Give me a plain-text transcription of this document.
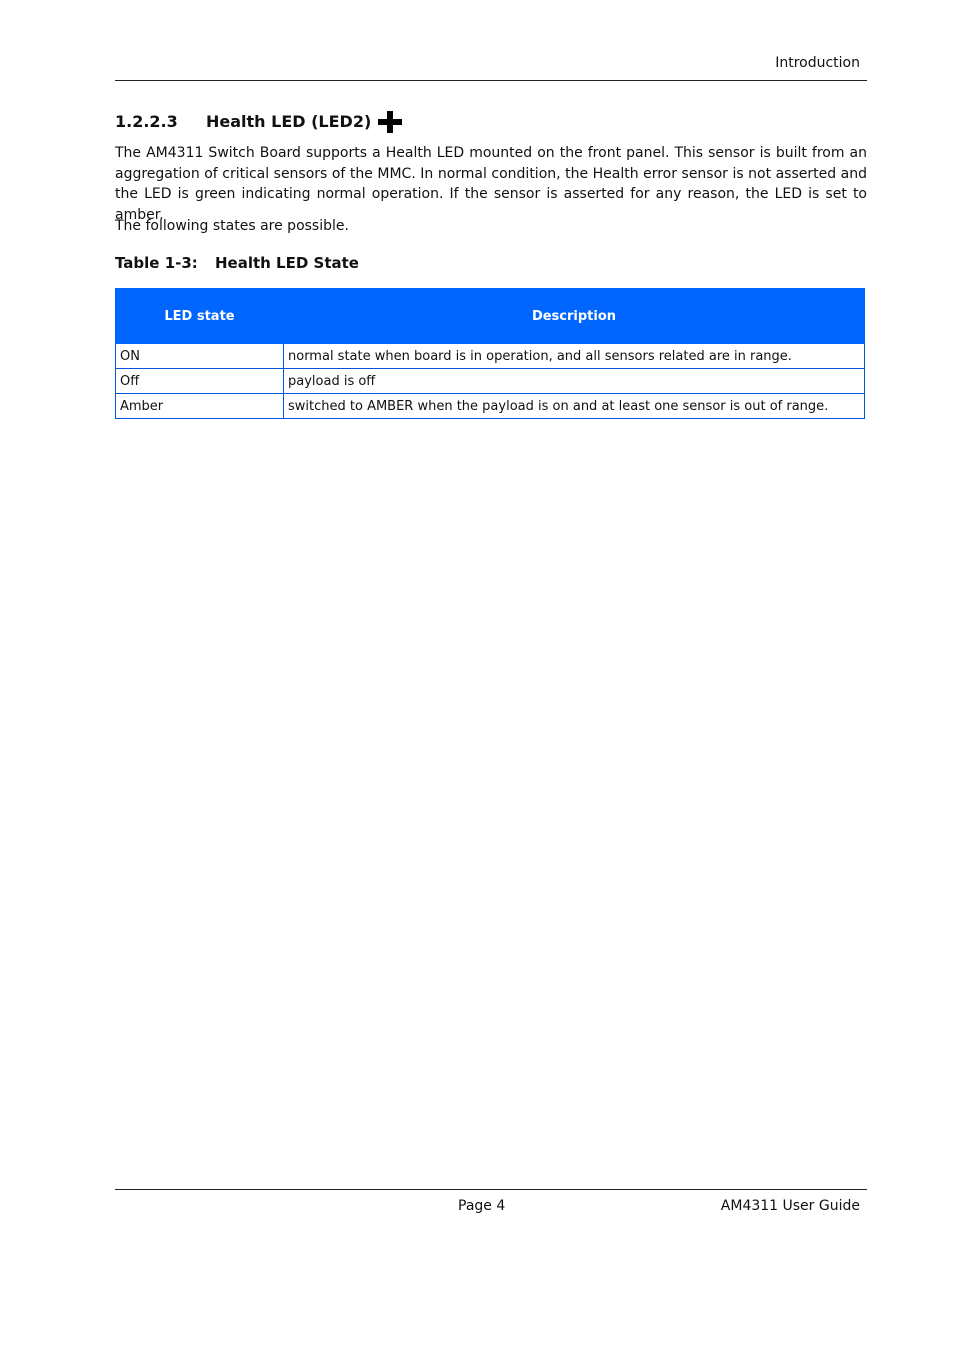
Introduction
1.2.2.3 Health LED (LED2)
The AM4311 Switch Board supports a Health LED mounted on the front panel. This sensor is built from an aggregation of critical sensors of the MMC. In normal condition, the Health error sensor is not asserted and the LED is green indicating normal operation. If the sensor is asserted for any reason, the LED is set to amber.
The following states are possible.
Table 1-3: Health LED State
LED state	Description
ON	normal state when board is in operation, and all sensors related are in range.
Off	payload is off
Amber	switched to AMBER when the payload is on and at least one sensor is out of range.
Page 4	AM4311 User Guide
